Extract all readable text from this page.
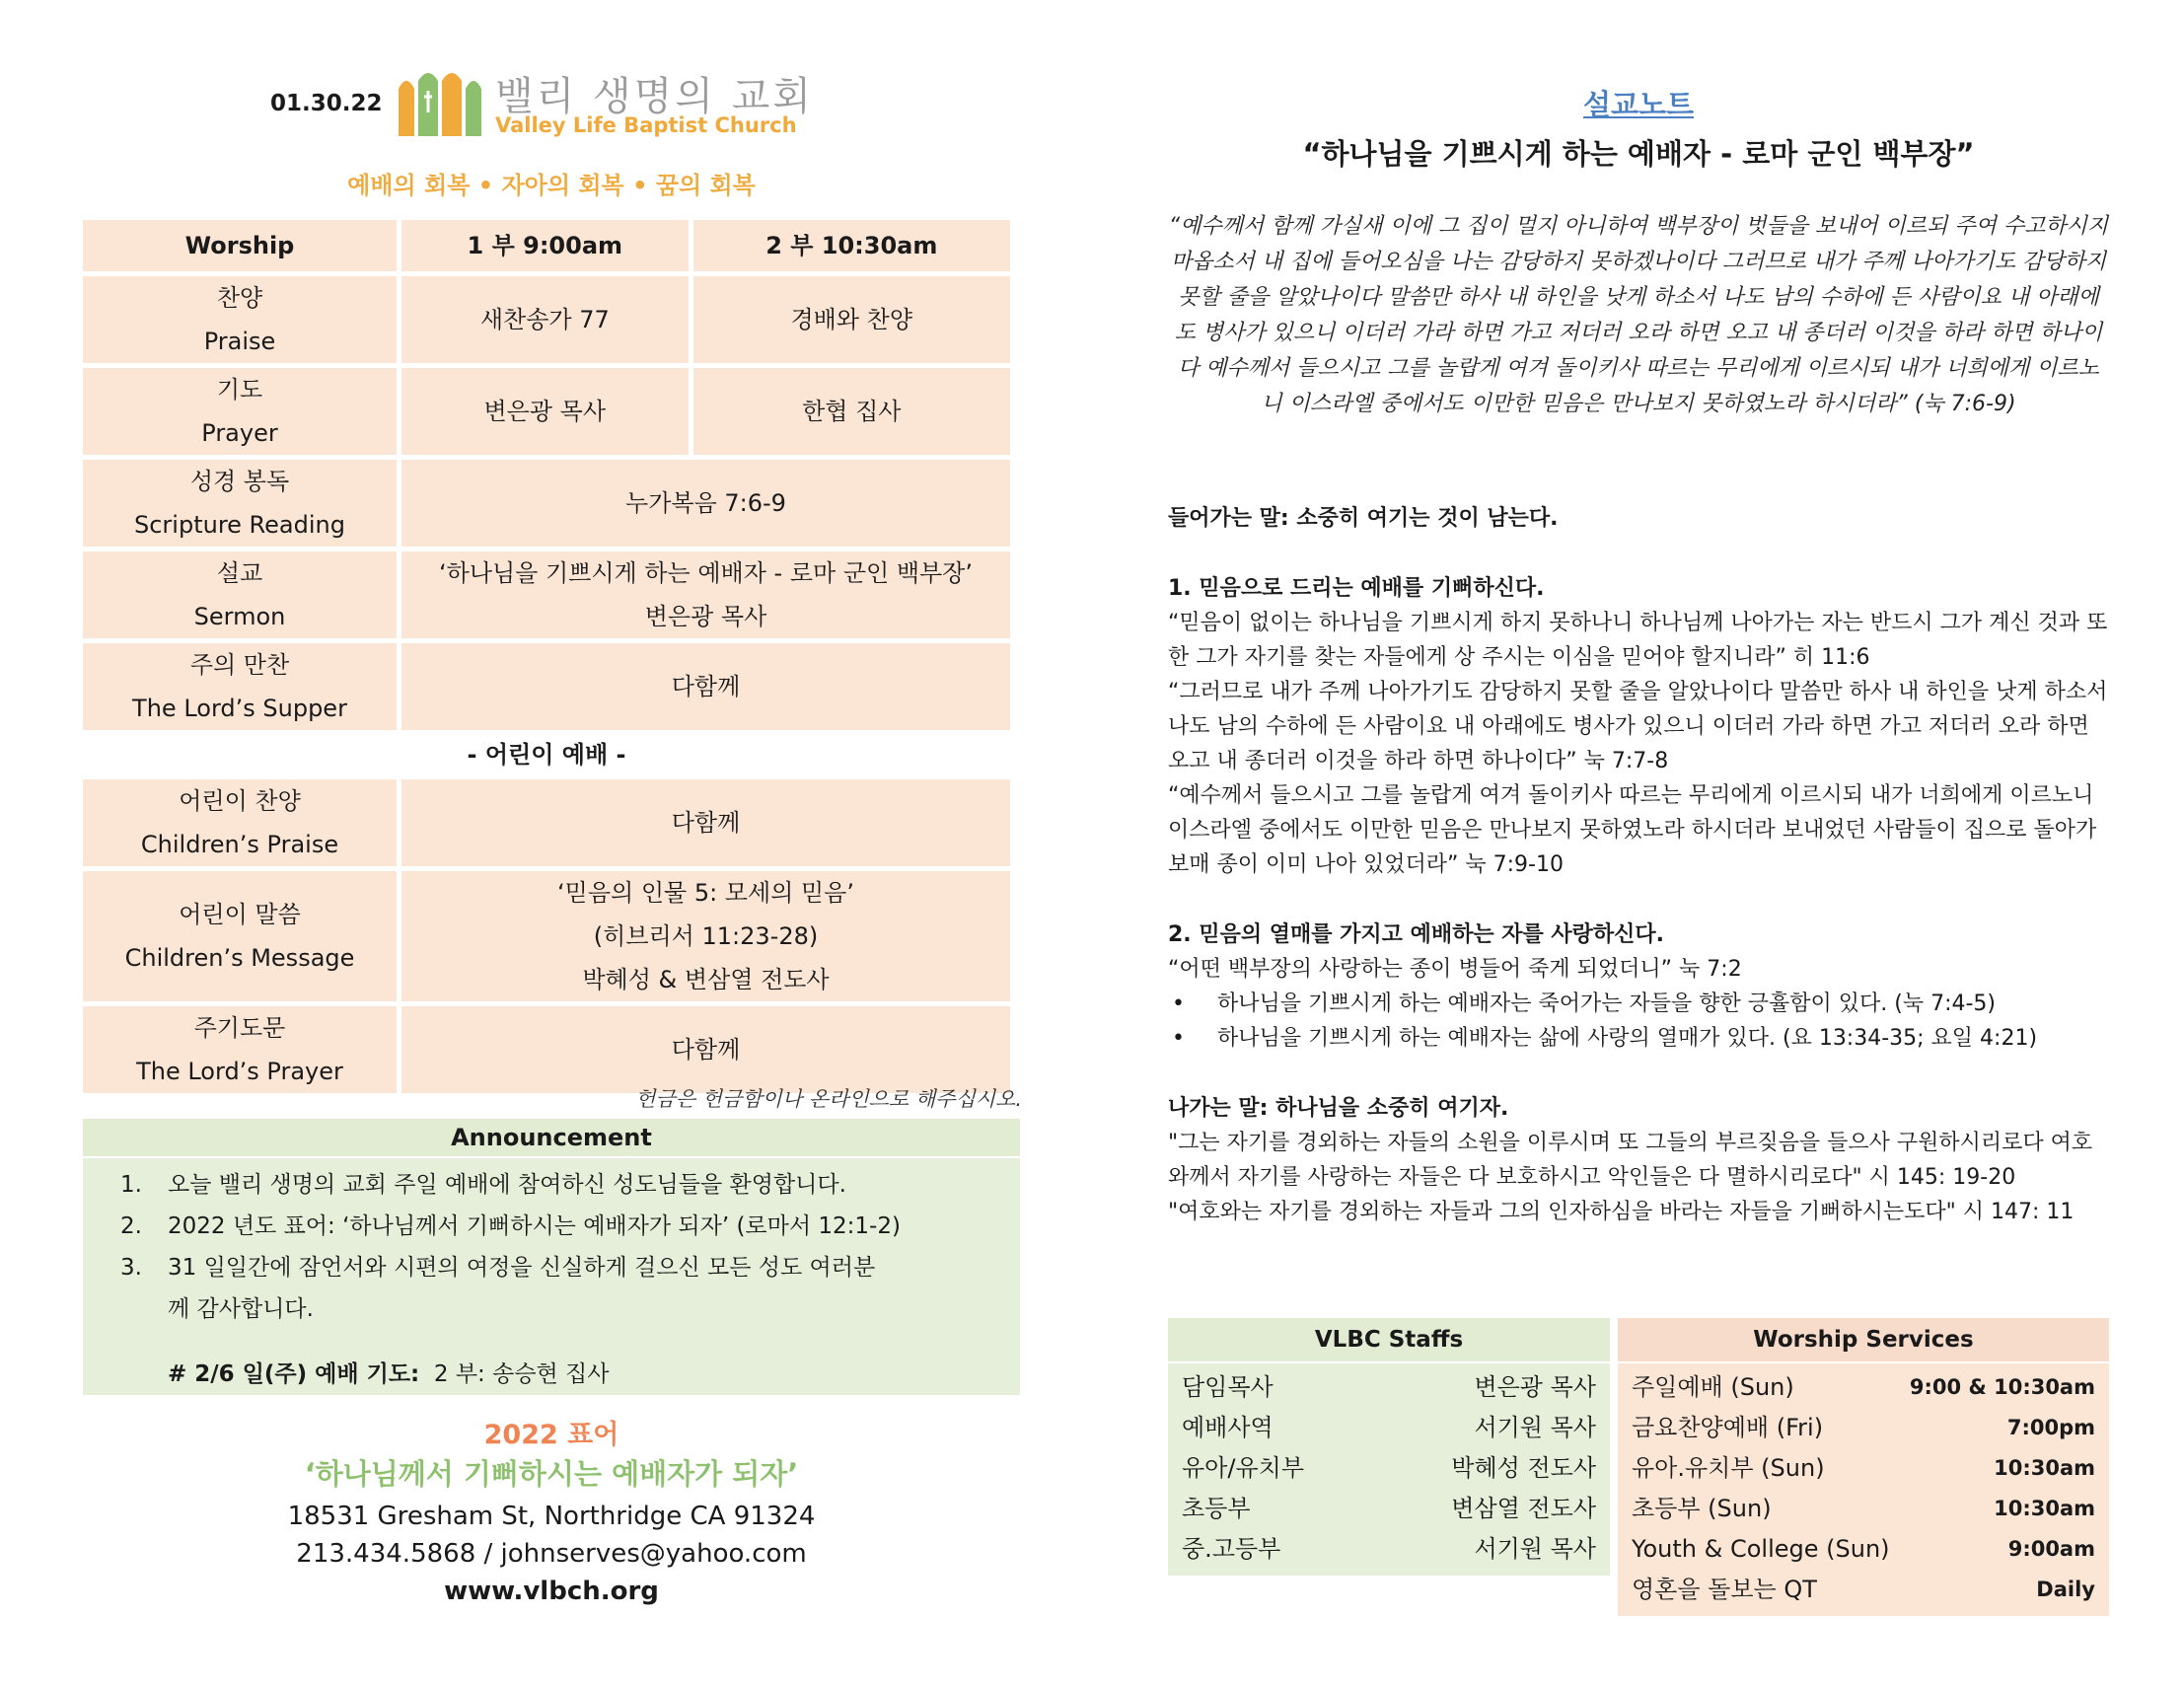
01.30.22	밸리 생명의 교회
Valley Life Baptist Church
예배의 회복 • 자아의 회복 • 꿈의 회복
Worship	1 부 9:00am	2 부 10:30am
찬양
Praise	새찬송가 77	경배와 찬양
기도
Prayer	변은광 목사	한협 집사
성경 봉독
Scripture Reading	누가복음 7:6-9	
설교
Sermon	‘하나님을 기쁘시게 하는 예배자 - 로마 군인 백부장’
변은광 목사	
주의 만찬
The Lord’s Supper	다함께	
- 어린이 예배 -		
어린이 찬양
Children’s Praise	다함께	
어린이 말씀
Children’s Message	‘믿음의 인물 5: 모세의 믿음’
(히브리서 11:23-28)
박혜성 & 변삼열 전도사	
주기도문
The Lord’s Prayer	다함께	
헌금은 헌금함이나 온라인으로 해주십시오.
Announcement
1. 오늘 밸리 생명의 교회 주일 예배에 참여하신 성도님들을 환영합니다.
2. 2022 년도 표어: ‘하나님께서 기뻐하시는 예배자가 되자’ (로마서 12:1-2)
3. 31 일일간에 잠언서와 시편의 여정을 신실하게 걸으신 모든 성도 여러분께 감사합니다.
# 2/6 일(주) 예배 기도: 2 부: 송승현 집사
2022 표어
‘하나님께서 기뻐하시는 예배자가 되자’
18531 Gresham St, Northridge CA 91324
213.434.5868 / johnserves@yahoo.com
www.vlbch.org
설교노트
“하나님을 기쁘시게 하는 예배자 - 로마 군인 백부장”
“예수께서 함께 가실새 이에 그 집이 멀지 아니하여 백부장이 벗들을 보내어 이르되 주여 수고하시지 마옵소서 내 집에 들어오심을 나는 감당하지 못하겠나이다 그러므로 내가 주께 나아가기도 감당하지 못할 줄을 알았나이다 말씀만 하사 내 하인을 낫게 하소서 나도 남의 수하에 든 사람이요 내 아래에도 병사가 있으니 이더러 가라 하면 가고 저더러 오라 하면 오고 내 종더러 이것을 하라 하면 하나이다 예수께서 들으시고 그를 놀랍게 여겨 돌이키사 따르는 무리에게 이르시되 내가 너희에게 이르노니 이스라엘 중에서도 이만한 믿음은 만나보지 못하였노라 하시더라” (눅 7:6-9)

들어가는 말: 소중히 여기는 것이 남는다.

1. 믿음으로 드리는 예배를 기뻐하신다.

“믿음이 없이는 하나님을 기쁘시게 하지 못하나니 하나님께 나아가는 자는 반드시 그가 계신 것과 또한 그가 자기를 찾는 자들에게 상 주시는 이심을 믿어야 할지니라” 히 11:6

“그러므로 내가 주께 나아가기도 감당하지 못할 줄을 알았나이다 말씀만 하사 내 하인을 낫게 하소서 나도 남의 수하에 든 사람이요 내 아래에도 병사가 있으니 이더러 가라 하면 가고 저더러 오라 하면 오고 내 종더러 이것을 하라 하면 하나이다” 눅 7:7-8

“예수께서 들으시고 그를 놀랍게 여겨 돌이키사 따르는 무리에게 이르시되 내가 너희에게 이르노니 이스라엘 중에서도 이만한 믿음은 만나보지 못하였노라 하시더라 보내었던 사람들이 집으로 돌아가 보매 종이 이미 나아 있었더라” 눅 7:9-10

2. 믿음의 열매를 가지고 예배하는 자를 사랑하신다.

“어떤 백부장의 사랑하는 종이 병들어 죽게 되었더니” 눅 7:2

• 하나님을 기쁘시게 하는 예배자는 죽어가는 자들을 향한 긍휼함이 있다. (눅 7:4-5)
• 하나님을 기쁘시게 하는 예배자는 삶에 사랑의 열매가 있다. (요 13:34-35; 요일 4:21)

나가는 말: 하나님을 소중히 여기자.

"그는 자기를 경외하는 자들의 소원을 이루시며 또 그들의 부르짖음을 들으사 구원하시리로다 여호와께서 자기를 사랑하는 자들은 다 보호하시고 악인들은 다 멸하시리로다" 시 145: 19-20

"여호와는 자기를 경외하는 자들과 그의 인자하심을 바라는 자들을 기뻐하시는도다" 시 147: 11

VLBC Staffs
담임목사	변은광 목사
예배사역	서기원 목사
유아/유치부	박혜성 전도사
초등부	변삼열 전도사
중.고등부	서기원 목사
Worship Services
주일예배 (Sun)	9:00 & 10:30am
금요찬양예배 (Fri)	7:00pm
유아.유치부 (Sun)	10:30am
초등부 (Sun)	10:30am
Youth & College (Sun)	9:00am
영혼을 돌보는 QT	Daily
